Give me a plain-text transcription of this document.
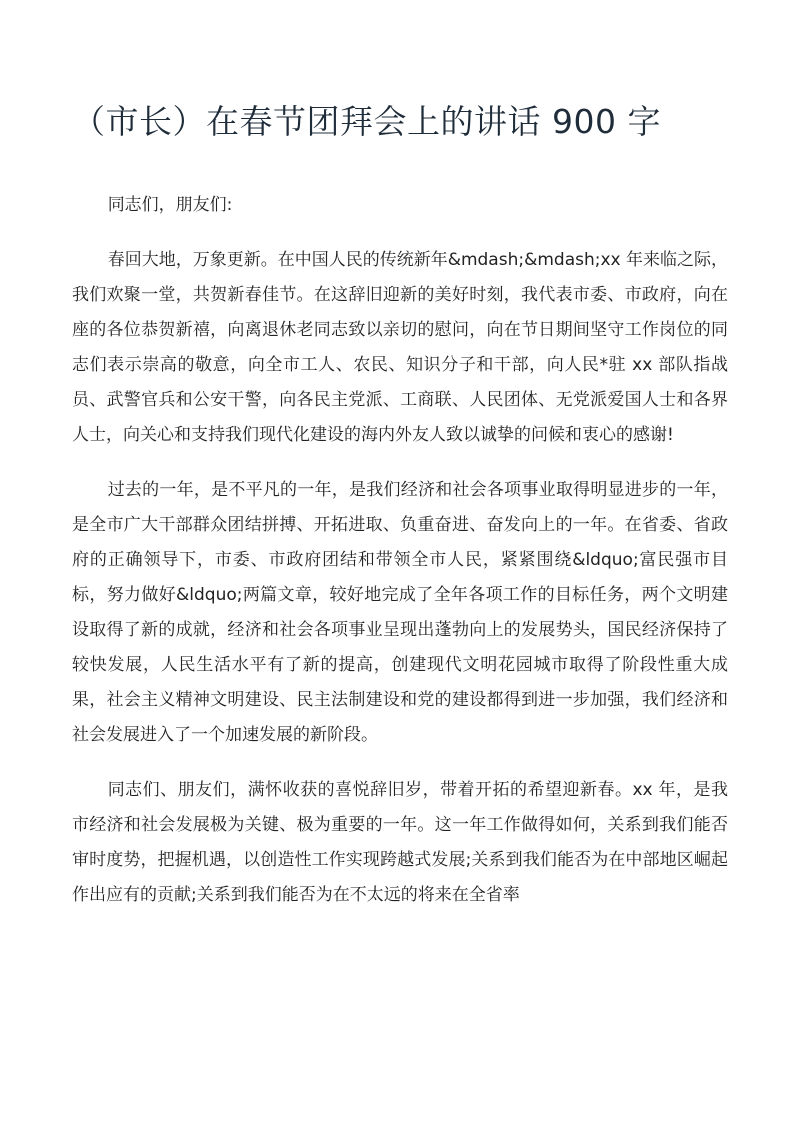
（市长）在春节团拜会上的讲话 900 字

同志们，朋友们:

春回大地，万象更新。在中国人民的传统新年&mdash;&mdash;xx 年来临之际，我们欢聚一堂，共贺新春佳节。在这辞旧迎新的美好时刻，我代表市委、市政府，向在座的各位恭贺新禧，向离退休老同志致以亲切的慰问，向在节日期间坚守工作岗位的同志们表示崇高的敬意，向全市工人、农民、知识分子和干部，向人民*驻 xx 部队指战员、武警官兵和公安干警，向各民主党派、工商联、人民团体、无党派爱国人士和各界人士，向关心和支持我们现代化建设的海内外友人致以诚挚的问候和衷心的感谢!

过去的一年，是不平凡的一年，是我们经济和社会各项事业取得明显进步的一年，是全市广大干部群众团结拼搏、开拓进取、负重奋进、奋发向上的一年。在省委、省政府的正确领导下，市委、市政府团结和带领全市人民，紧紧围绕&ldquo;富民强市目标，努力做好&ldquo;两篇文章，较好地完成了全年各项工作的目标任务，两个文明建设取得了新的成就，经济和社会各项事业呈现出蓬勃向上的发展势头，国民经济保持了较快发展，人民生活水平有了新的提高，创建现代文明花园城市取得了阶段性重大成果，社会主义精神文明建设、民主法制建设和党的建设都得到进一步加强，我们经济和社会发展进入了一个加速发展的新阶段。

同志们、朋友们，满怀收获的喜悦辞旧岁，带着开拓的希望迎新春。xx 年，是我市经济和社会发展极为关键、极为重要的一年。这一年工作做得如何，关系到我们能否审时度势，把握机遇，以创造性工作实现跨越式发展;关系到我们能否为在中部地区崛起作出应有的贡献;关系到我们能否为在不太远的将来在全省率
